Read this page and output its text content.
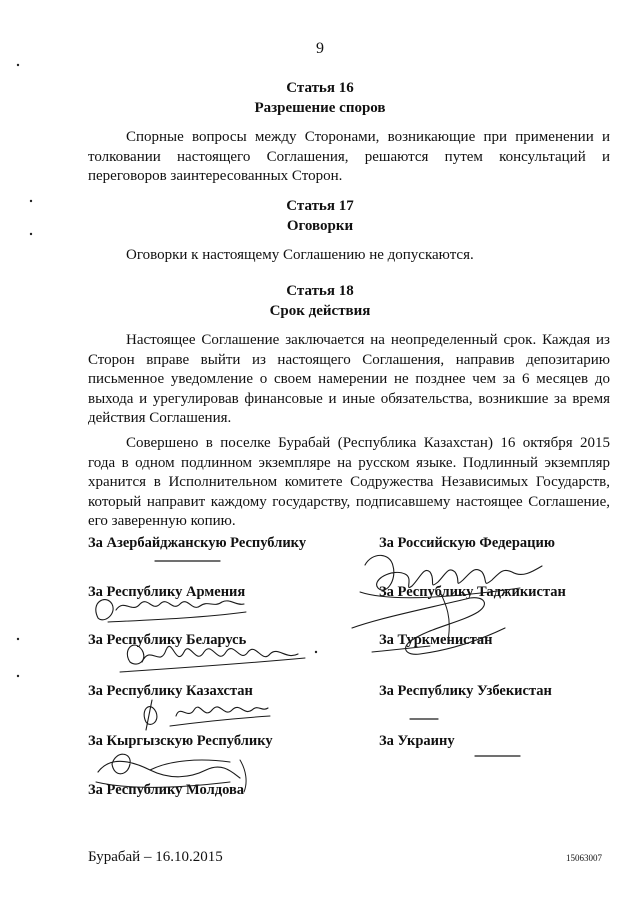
9
Статья 16
Разрешение споров
Спорные вопросы между Сторонами, возникающие при применении и толковании настоящего Соглашения, решаются путем консультаций и переговоров заинтересованных Сторон.
Статья 17
Оговорки
Оговорки к настоящему Соглашению не допускаются.
Статья 18
Срок действия
Настоящее Соглашение заключается на неопределенный срок. Каждая из Сторон вправе выйти из настоящего Соглашения, направив депозитарию письменное уведомление о своем намерении не позднее чем за 6 месяцев до выхода и урегулировав финансовые и иные обязательства, возникшие за время действия Соглашения.
Совершено в поселке Бурабай (Республика Казахстан) 16 октября 2015 года в одном подлинном экземпляре на русском языке. Подлинный экземпляр хранится в Исполнительном комитете Содружества Независимых Государств, который направит каждому государству, подписавшему настоящее Соглашение, его заверенную копию.
За Азербайджанскую Республику
За Республику Армения
За Республику Беларусь
За Республику Казахстан
За Кыргызскую Республику
За Республику Молдова
За Российскую Федерацию
За Республику Таджикистан
За Туркменистан
За Республику Узбекистан
За Украину
Бурабай – 16.10.2015	15063007
